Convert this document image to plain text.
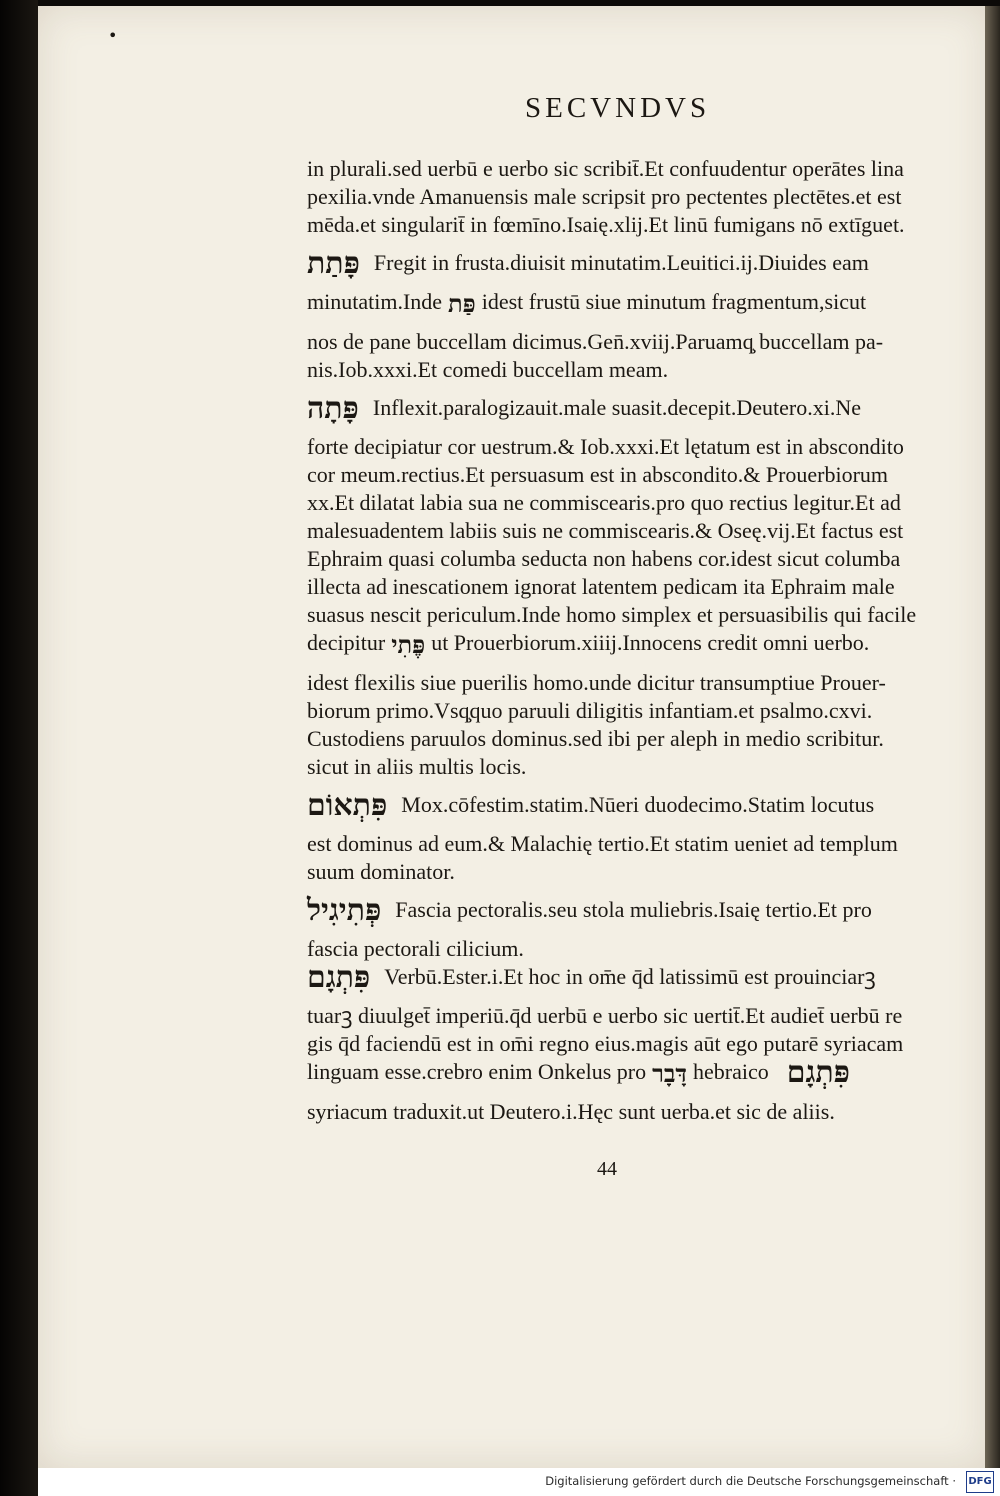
•
SECVNDVS
in plurali.sed uerbū e uerbo sic scribit̄.Et confuudentur operātes lina
pexilia.vnde Amanuensis male scripsit pro pectentes plectētes.et est
mēda.et singularit̄ in fœmīno.Isaię.xlij.Et linū fumigans nō extīguet.
פָּתַת Fregit in frusta.diuisit minutatim.Leuitici.ij.Diuides eam
minutatim.Inde פַּת idest frustū siue minutum fragmentum,sicut
nos de pane buccellam dicimus.Gen̄.xviij.Paruamq̧ buccellam pa-
nis.Iob.xxxi.Et comedi buccellam meam.
פָּתָה Inflexit.paralogizauit.male suasit.decepit.Deutero.xi.Ne
forte decipiatur cor uestrum.& Iob.xxxi.Et lętatum est in abscondito
cor meum.rectius.Et persuasum est in abscondito.& Prouerbiorum
xx.Et dilatat labia sua ne commiscearis.pro quo rectius legitur.Et ad
malesuadentem labiis suis ne commiscearis.& Oseę.vij.Et factus est
Ephraim quasi columba seducta non habens cor.idest sicut columba
illecta ad inescationem ignorat latentem pedicam ita Ephraim male
suasus nescit periculum.Inde homo simplex et persuasibilis qui facile
decipitur פֶּתִי ut Prouerbiorum.xiiij.Innocens credit omni uerbo.
idest flexilis siue puerilis homo.unde dicitur transumptiue Prouer-
biorum primo.Vsq̧quo paruuli diligitis infantiam.et psalmo.cxvi.
Custodiens paruulos dominus.sed ibi per aleph in medio scribitur.
sicut in aliis multis locis.
פִּתְאוֹם Mox.cōfestim.statim.Nūeri duodecimo.Statim locutus
est dominus ad eum.& Malachię tertio.Et statim ueniet ad templum
suum dominator.
פְּתִיגִיל Fascia pectoralis.seu stola muliebris.Isaię tertio.Et pro
fascia pectorali cilicium.
פִּתְגָם Verbū.Ester.i.Et hoc in om̄e q̄d latissimū est prouinciarꝫ
tuarꝫ diuulget̄ imperiū.q̄d uerbū e uerbo sic uertit̄.Et audiet̄ uerbū re
gis q̄d faciendū est in om̄i regno eius.magis aūt ego putarē syriacam
linguam esse.crebro enim Onkelus pro דָּבָר hebraico פִּתְגָם
syriacum traduxit.ut Deutero.i.Hęc sunt uerba.et sic de aliis.
44
Digitalisierung gefördert durch die Deutsche Forschungsgemeinschaft · DFG
